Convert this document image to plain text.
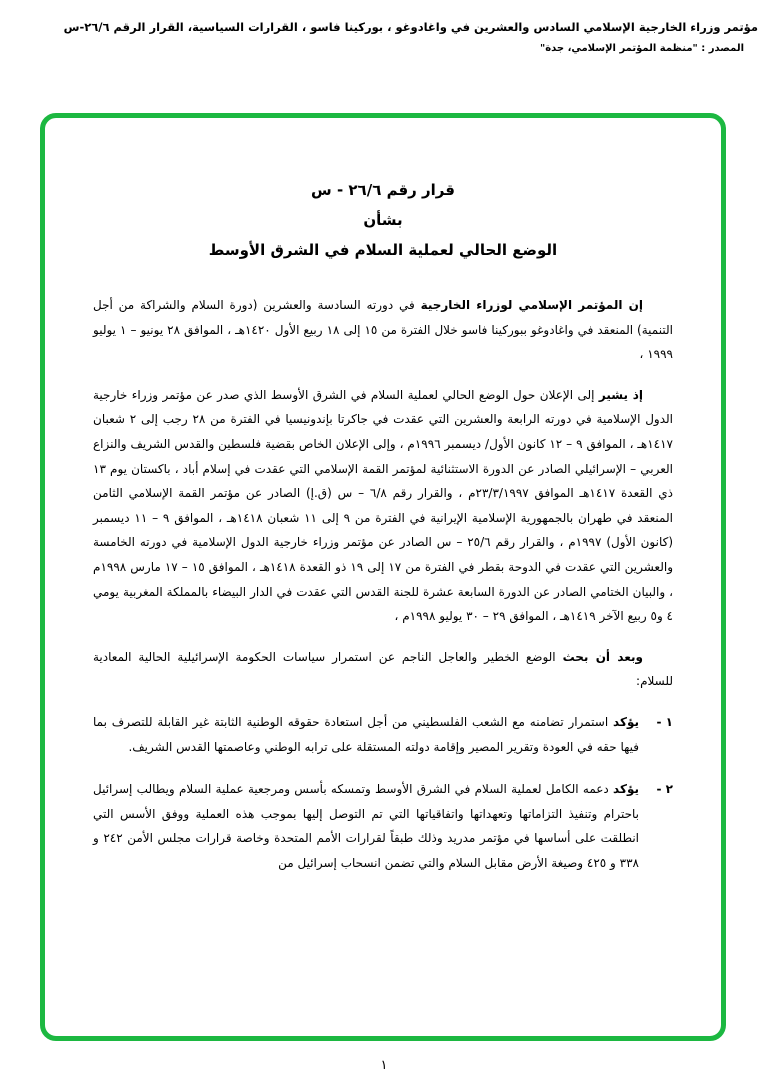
مؤتمر وزراء الخارجية الإسلامي السادس والعشرين في واغادوغو ، بوركينا فاسو ، القرارات السياسية، القرار الرقم ٢٦/٦-س
المصدر : "منظمة المؤتمر الإسلامي، جدة"
قرار رقم ٢٦/٦ - س
بشأن
الوضع الحالي لعملية السلام في الشرق الأوسط

إن المؤتمر الإسلامي لوزراء الخارجية في دورته السادسة والعشرين (دورة السلام والشراكة من أجل التنمية) المنعقد في واغادوغو ببوركينا فاسو خلال الفترة من ١٥ إلى ١٨ ربيع الأول ١٤٢٠هـ ، الموافق ٢٨ يونيو – ١ يوليو ١٩٩٩ ،

إذ يشير إلى الإعلان حول الوضع الحالي لعملية السلام في الشرق الأوسط الذي صدر عن مؤتمر وزراء خارجية الدول الإسلامية في دورته الرابعة والعشرين التي عقدت في جاكرتا بإندونيسيا في الفترة من ٢٨ رجب إلى ٢ شعبان ١٤١٧هـ ، الموافق ٩ – ١٢ كانون الأول/ ديسمبر ١٩٩٦م ، وإلى الإعلان الخاص بقضية فلسطين والقدس الشريف والنزاع العربي – الإسرائيلي الصادر عن الدورة الاستثنائية لمؤتمر القمة الإسلامي التي عقدت في إسلام أباد ، باكستان يوم ١٣ ذي القعدة ١٤١٧هـ الموافق ٢٣/٣/١٩٩٧م ، والقرار رقم ٦/٨ – س (ق.إ) الصادر عن مؤتمر القمة الإسلامي الثامن المنعقد في طهران بالجمهورية الإسلامية الإيرانية في الفترة من ٩ إلى ١١ شعبان ١٤١٨هـ ، الموافق ٩ – ١١ ديسمبر (كانون الأول) ١٩٩٧م ، والقرار رقم ٢٥/٦ – س الصادر عن مؤتمر وزراء خارجية الدول الإسلامية في دورته الخامسة والعشرين التي عقدت في الدوحة بقطر في الفترة من ١٧ إلى ١٩ ذو القعدة ١٤١٨هـ ، الموافق ١٥ – ١٧ مارس ١٩٩٨م ، والبيان الختامي الصادر عن الدورة السابعة عشرة للجنة القدس التي عقدت في الدار البيضاء بالمملكة المغربية يومي ٤ و٥ ربيع الآخر ١٤١٩هـ ، الموافق ٢٩ – ٣٠ يوليو ١٩٩٨م ،

وبعد أن بحث الوضع الخطير والعاجل الناجم عن استمرار سياسات الحكومة الإسرائيلية الحالية المعادية للسلام:

١ -
يؤكد استمرار تضامنه مع الشعب الفلسطيني من أجل استعادة حقوقه الوطنية الثابتة غير القابلة للتصرف بما فيها حقه في العودة وتقرير المصير وإقامة دولته المستقلة على ترابه الوطني وعاصمتها القدس الشريف.
٢ -
يؤكد دعمه الكامل لعملية السلام في الشرق الأوسط وتمسكه بأسس ومرجعية عملية السلام ويطالب إسرائيل باحترام وتنفيذ التزاماتها وتعهداتها واتفاقياتها التي تم التوصل إليها بموجب هذه العملية ووفق الأسس التي انطلقت على أساسها في مؤتمر مدريد وذلك طبقاً لقرارات الأمم المتحدة وخاصة قرارات مجلس الأمن ٢٤٢ و ٣٣٨ و ٤٢٥ وصيغة الأرض مقابل السلام والتي تضمن انسحاب إسرائيل من
١
